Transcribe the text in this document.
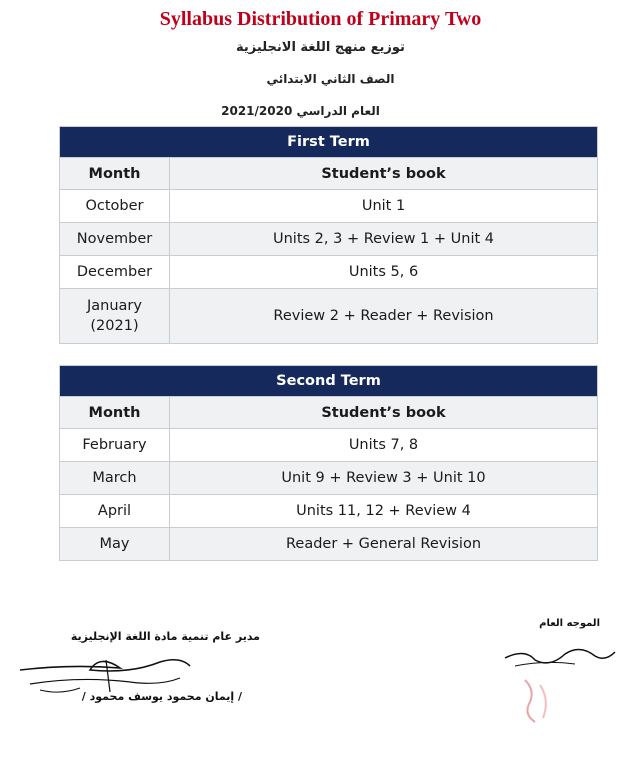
Syllabus Distribution of Primary Two
توزيع منهج اللغة الانجليزية
الصف الثاني الابتدائي
العام الدراسي 2021/2020
First Term	
Month	Student’s book
October	Unit 1
November	Units 2, 3 + Review 1 + Unit 4
December	Units 5, 6

January
(2021)	Review 2 + Reader + Revision
Second Term	
Month	Student’s book
February	Units 7, 8
March	Unit 9 + Review 3 + Unit 10
April	Units 11, 12 + Review 4
May	Reader + General Revision
مدير عام تنمية مادة اللغة الإنجليزية
/ إيمان محمود يوسف محمود /
الموجه العام
